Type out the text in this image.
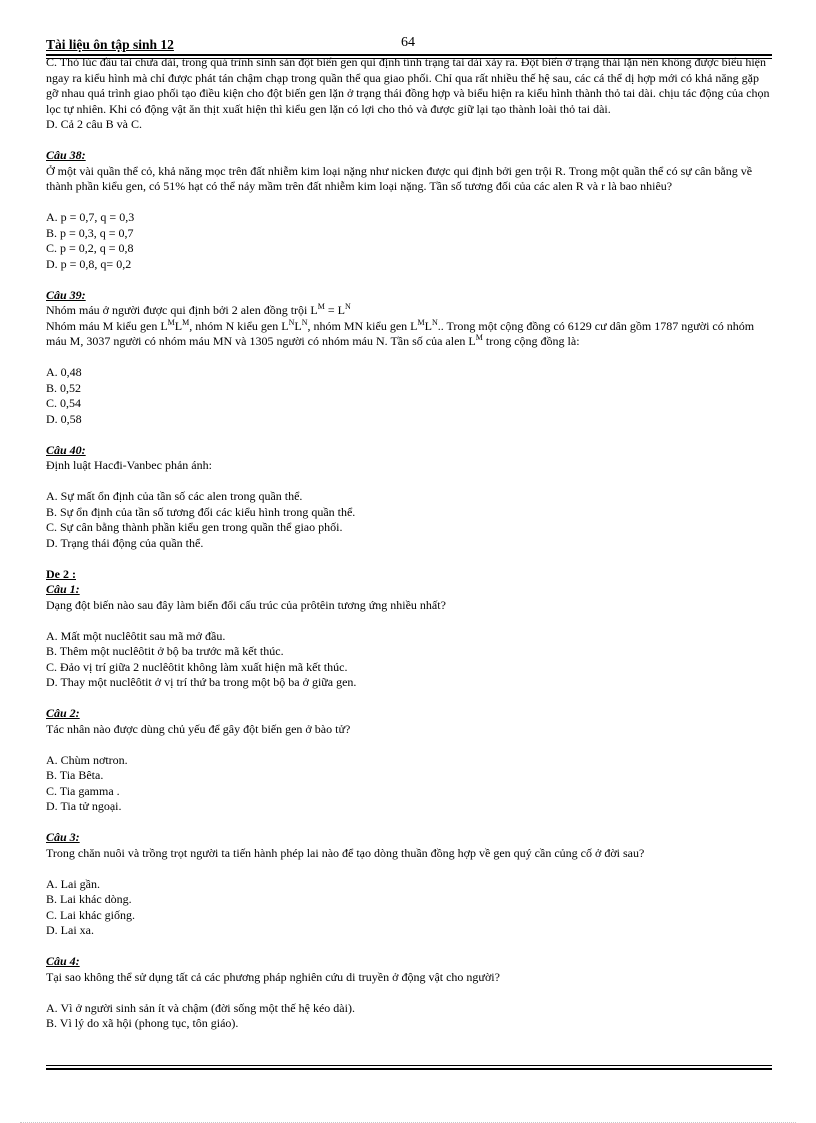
Tài liệu ôn tập sinh 12	64

C. Thỏ lúc đầu tai chưa dài, trong quá trình sinh sản đột biến gen qui định tính trạng tai dài xảy ra. Đột biến ở trạng thái lặn nên không được biểu hiện ngay ra kiểu hình mà chỉ được phát tán chậm chạp trong quần thể qua giao phối. Chỉ qua rất nhiều thế hệ sau, các cá thể dị hợp mới có khả năng gặp gỡ nhau quá trình giao phối tạo điều kiện cho đột biến gen lặn ở trạng thái đồng hợp và biểu hiện ra kiểu hình thành thỏ tai dài. chịu tác động của chọn lọc tự nhiên. Khi có động vật ăn thịt xuất hiện thì kiểu gen lặn có lợi cho thỏ và được giữ lại tạo thành loài thỏ tai dài.

D. Cả 2 câu B và C.

Câu 38:

Ở một vài quần thể cỏ, khả năng mọc trên đất nhiễm kim loại nặng như nicken được qui định bởi gen trội R. Trong một quần thể có sự cân bằng về thành phần kiểu gen, có 51% hạt có thể nảy mầm trên đất nhiễm kim loại nặng. Tần số tương đối của các alen R và r là bao nhiêu?

A. p = 0,7, q = 0,3

B. p = 0,3, q = 0,7

C. p = 0,2, q = 0,8

D. p = 0,8, q= 0,2

Câu 39:

Nhóm máu ở người được qui định bởi 2 alen đồng trội $L^M = L^N$

Nhóm máu M kiểu gen $L^ML^M$, nhóm N kiểu gen $L^NL^N$, nhóm MN kiểu gen $L^ML^N$.. Trong một cộng đồng có 6129 cư dân gồm 1787 người có nhóm máu M, 3037 người có nhóm máu MN và 1305 người có nhóm máu N. Tần số của alen $L^M$ trong cộng đồng là:

A. 0,48

B. 0,52

C. 0,54

D. 0,58

Câu 40:

Định luật Hacđi-Vanbec phản ánh:

A. Sự mất ổn định của tần số các alen trong quần thể.

B. Sự ổn định của tần số tương đối các kiểu hình trong quần thể.

C. Sự cân bằng thành phần kiểu gen trong quần thể giao phối.

D. Trạng thái động của quần thể.

De 2 :

Câu 1:

Dạng đột biến nào sau đây làm biến đổi cấu trúc của prôtêin tương ứng nhiều nhất?

A. Mất một nuclêôtit sau mã mở đầu.

B. Thêm một nuclêôtit ở bộ ba trước mã kết thúc.

C. Đảo vị trí giữa 2 nuclêôtit không làm xuất hiện mã kết thúc.

D. Thay một nuclêôtit ở vị trí thứ ba trong một bộ ba ở giữa gen.

Câu 2:

Tác nhân nào được dùng chủ yếu để gây đột biến gen ở bào tử?

A. Chùm nơtron.

B. Tia Bêta.

C. Tia gamma .

D. Tia tử ngoại.

Câu 3:

Trong chăn nuôi và trồng trọt người ta tiến hành phép lai nào để tạo dòng thuần đồng hợp về gen quý cần củng cố ở đời sau?

A. Lai gần.

B. Lai khác dòng.

C. Lai khác giống.

D. Lai xa.

Câu 4:

Tại sao không thể sử dụng tất cả các phương pháp nghiên cứu di truyền ở động vật cho người?

A. Vì ở người sinh sản ít và chậm (đời sống một thế hệ kéo dài).

B. Vì lý do xã hội (phong tục, tôn giáo).
